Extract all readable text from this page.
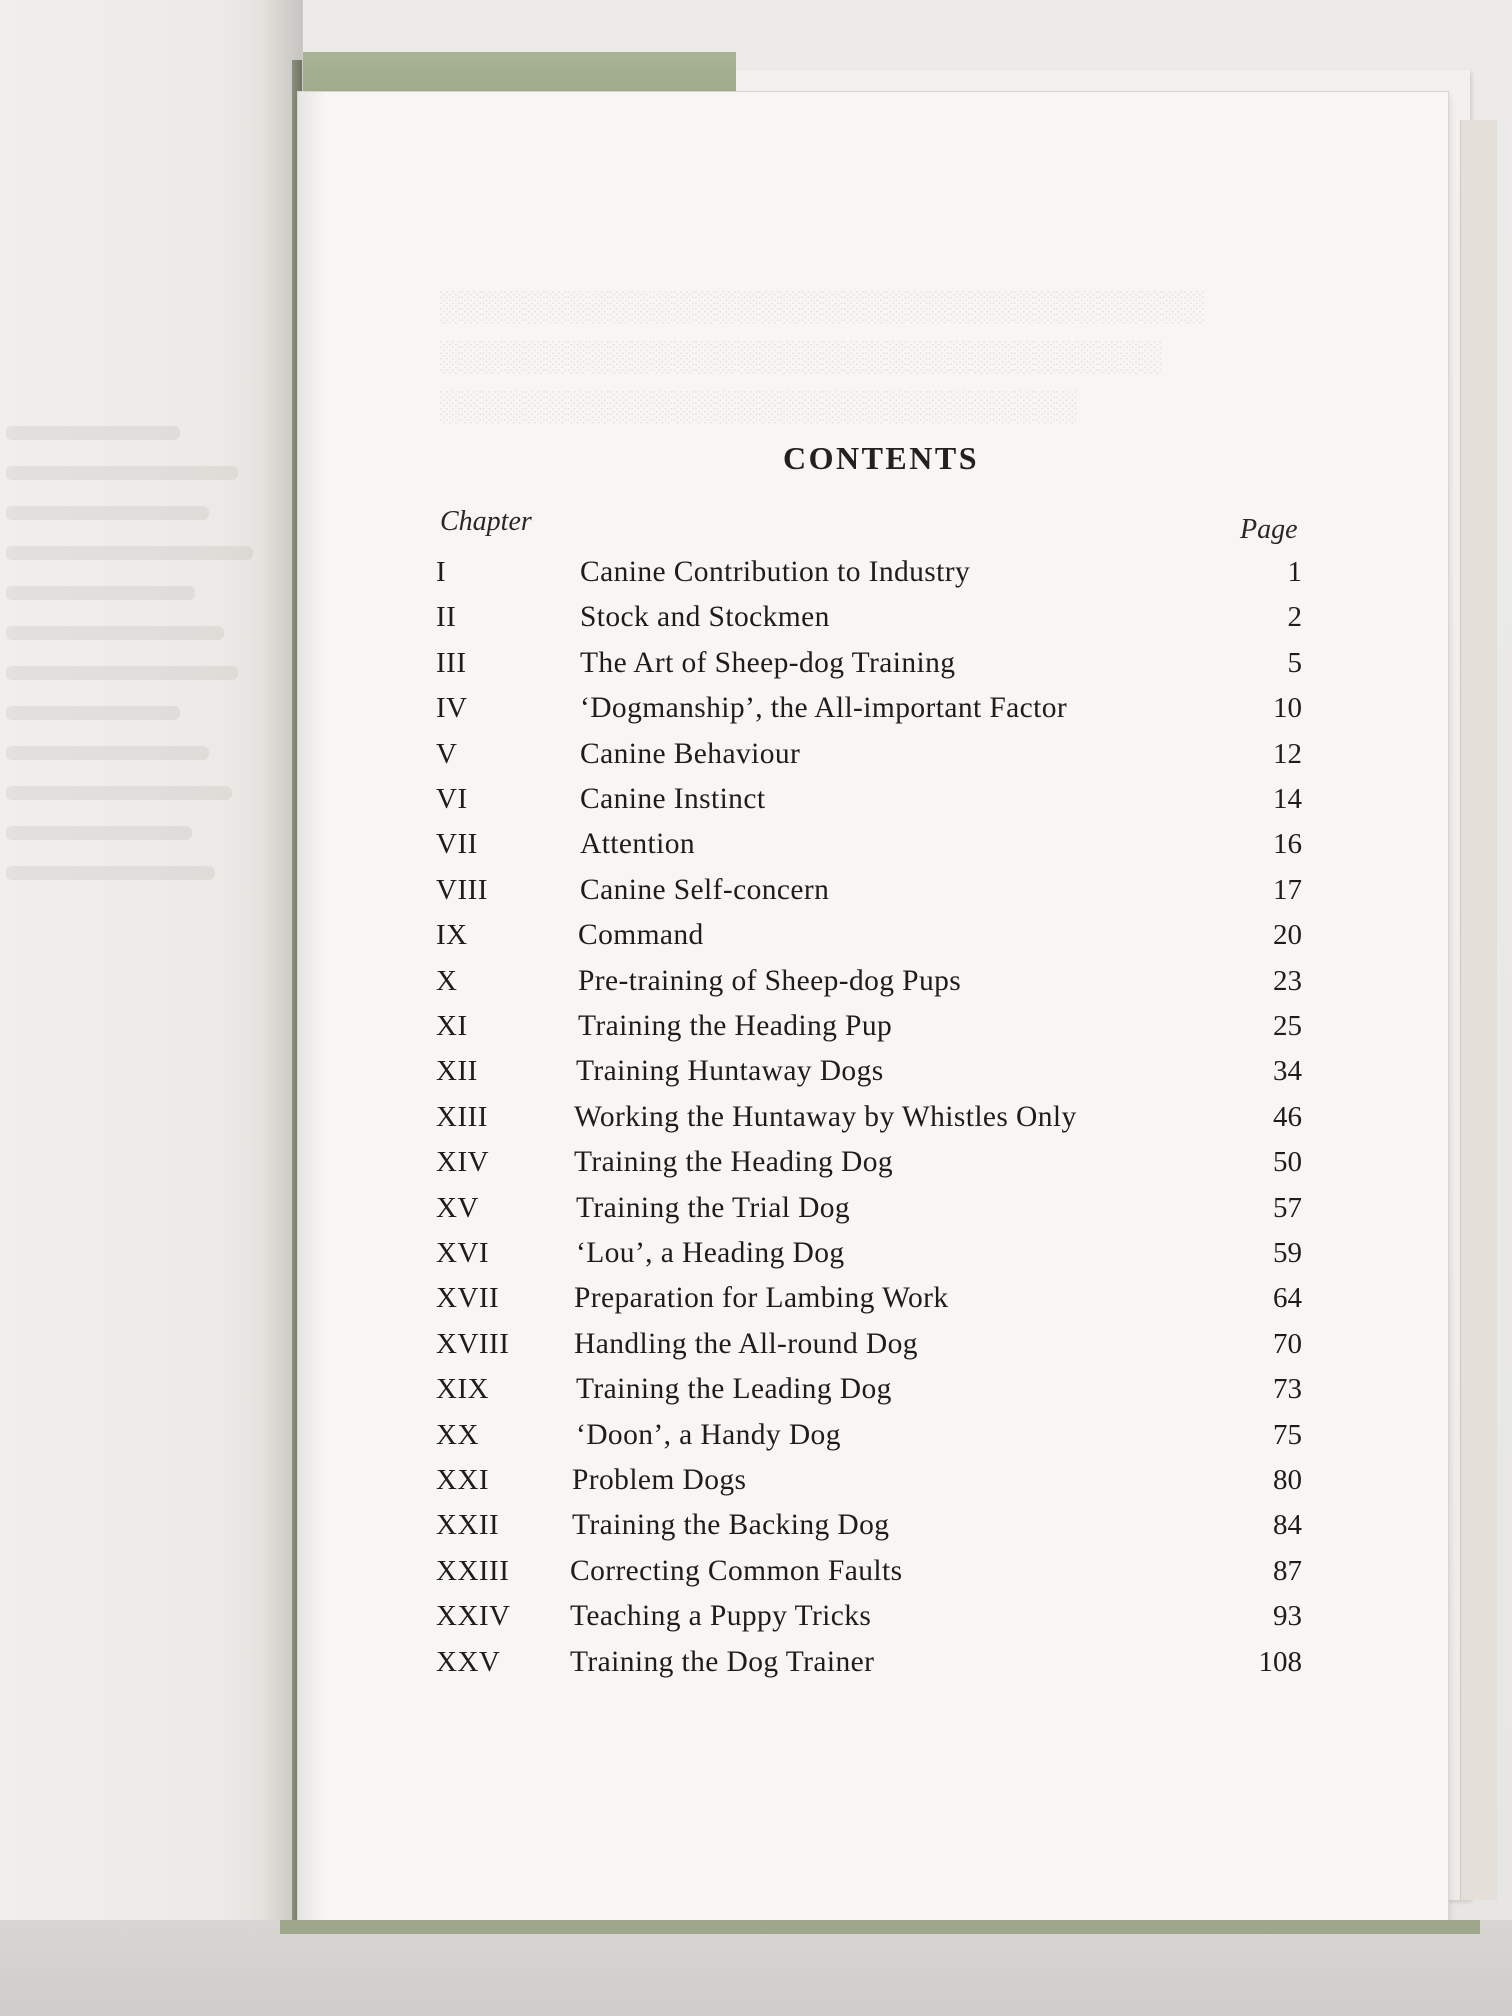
░░░░░░░░░░░░░░░░░░░░░░░░░░░░░░░░░░░░
░░░░░░░░░░░░░░░░░░░░░░░░░░░░░░░░░░
░░░░░░░░░░░░░░░░░░░░░░░░░░░░░░
CONTENTS
Chapter	Page
I	Canine Contribution to Industry	1
II	Stock and Stockmen	2
III	The Art of Sheep-dog Training	5
IV	‘Dogmanship’, the All-important Factor	10
V	Canine Behaviour	12
VI	Canine Instinct	14
VII	Attention	16
VIII	Canine Self-concern	17
IX	Command	20
X	Pre-training of Sheep-dog Pups	23
XI	Training the Heading Pup	25
XII	Training Huntaway Dogs	34
XIII	Working the Huntaway by Whistles Only	46
XIV	Training the Heading Dog	50
XV	Training the Trial Dog	57
XVI	‘Lou’, a Heading Dog	59
XVII	Preparation for Lambing Work	64
XVIII Handling the All-round Dog	70
XIX	Training the Leading Dog	73
XX	‘Doon’, a Handy Dog	75
XXI	Problem Dogs	80
XXII Training the Backing Dog	84
XXIII Correcting Common Faults	87
XXIV Teaching a Puppy Tricks	93
XXV Training the Dog Trainer	108
